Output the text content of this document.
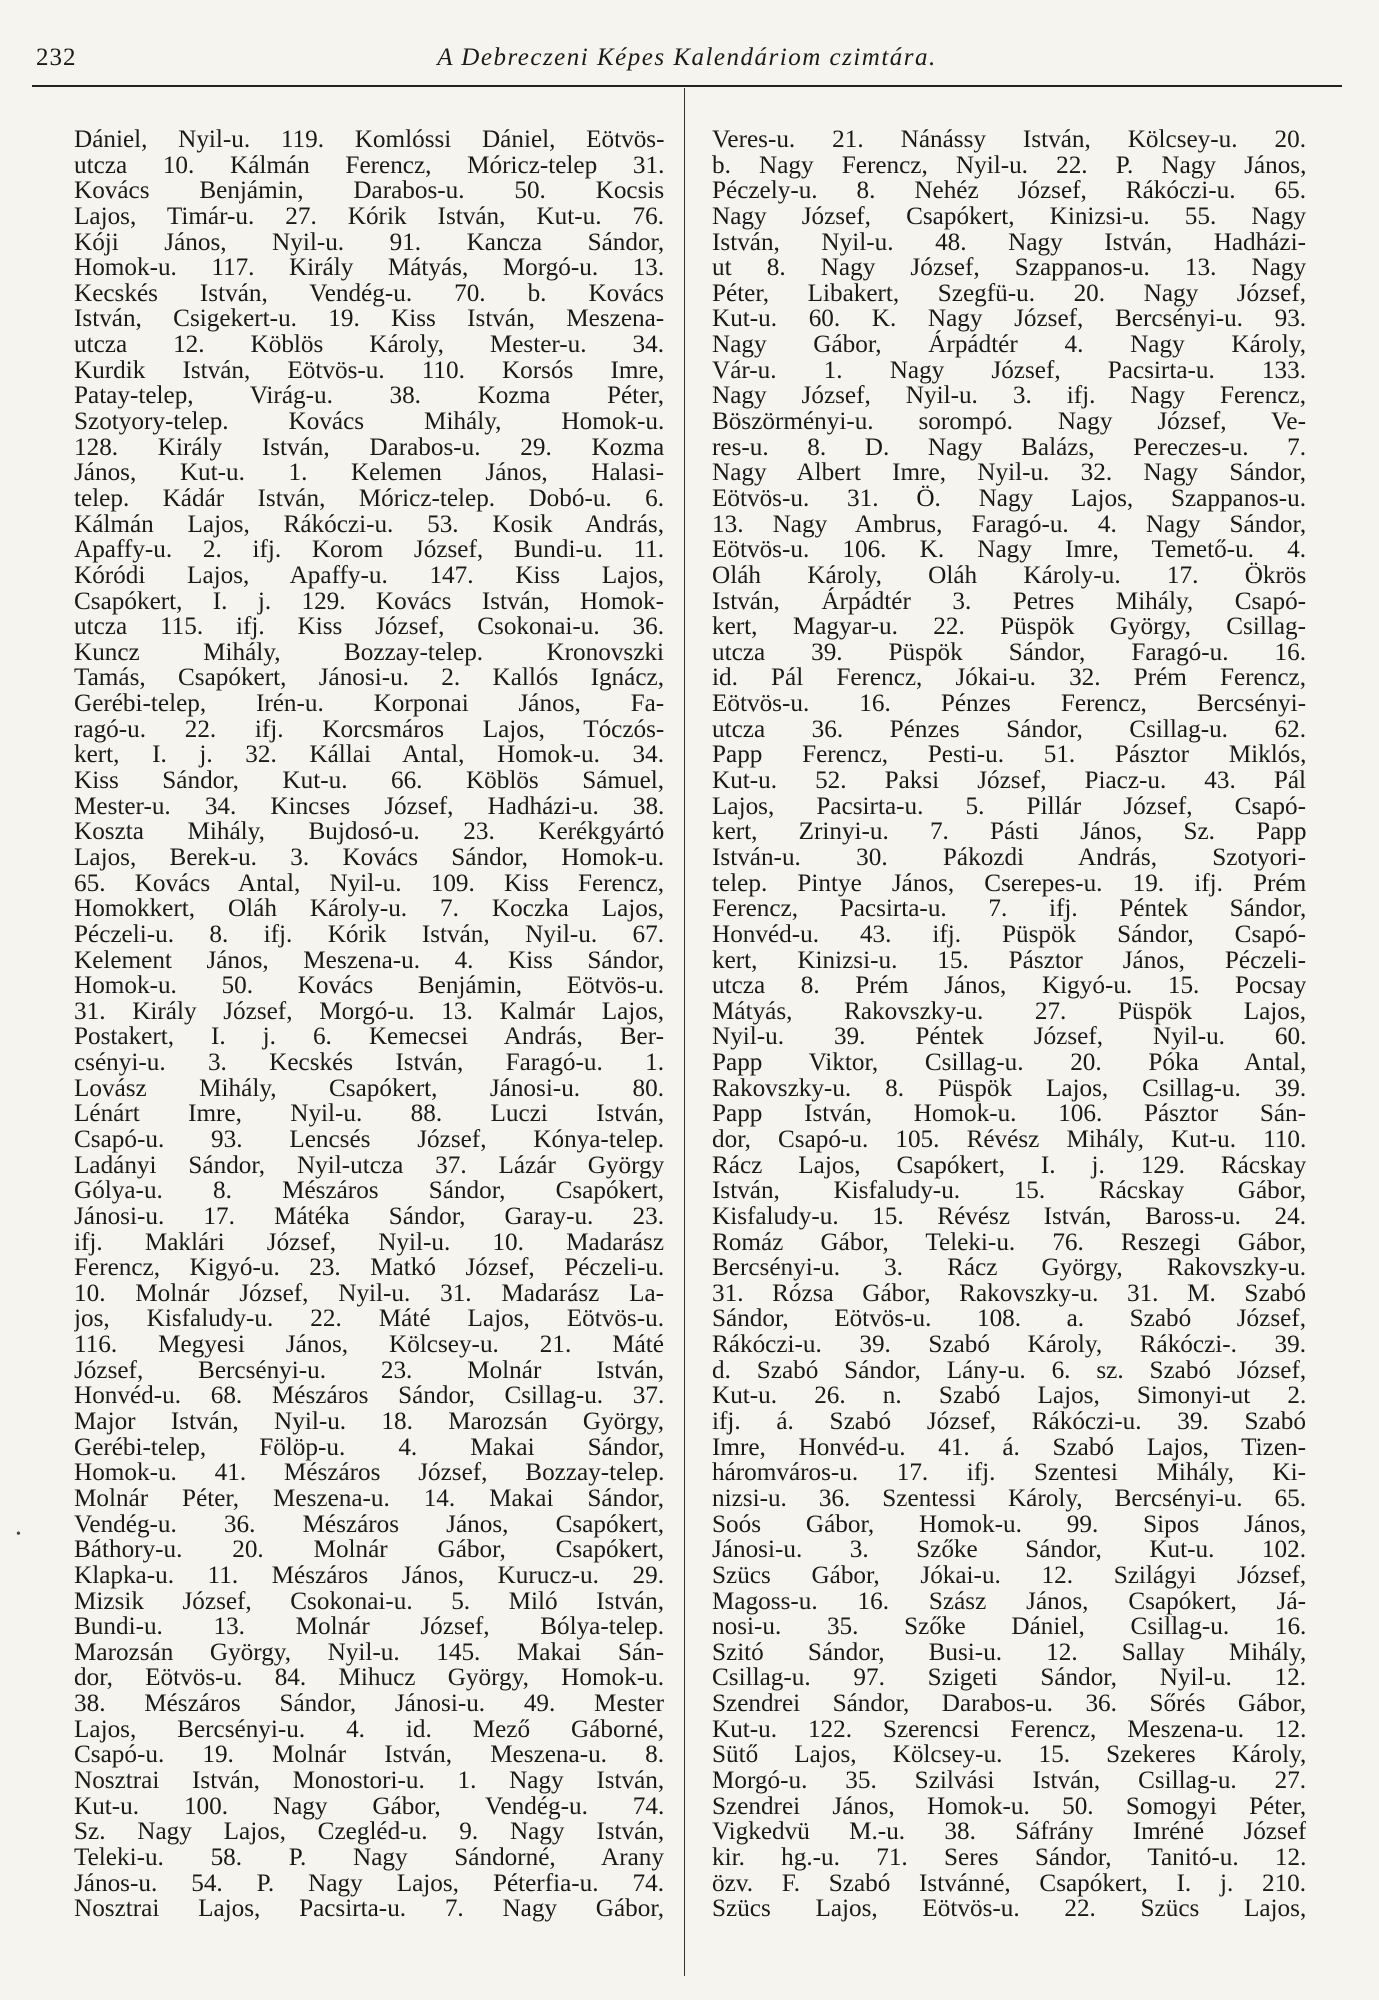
232	A Debreczeni Képes Kalendáriom czimtára.
Dániel, Nyil-u. 119. Komlóssi Dániel, Eötvös-
utcza 10. Kálmán Ferencz, Móricz-telep 31.
Kovács Benjámin, Darabos-u. 50. Kocsis
Lajos, Timár-u. 27. Kórik István, Kut-u. 76.
Kóji János, Nyil-u. 91. Kancza Sándor,
Homok-u. 117. Király Mátyás, Morgó-u. 13.
Kecskés István, Vendég-u. 70. b. Kovács
István, Csigekert-u. 19. Kiss István, Meszena-
utcza 12. Köblös Károly, Mester-u. 34.
Kurdik István, Eötvös-u. 110. Korsós Imre,
Patay-telep, Virág-u. 38. Kozma Péter,
Szotyory-telep. Kovács Mihály, Homok-u.
128. Király István, Darabos-u. 29. Kozma
János, Kut-u. 1. Kelemen János, Halasi-
telep. Kádár István, Móricz-telep. Dobó-u. 6.
Kálmán Lajos, Rákóczi-u. 53. Kosik András,
Apaffy-u. 2. ifj. Korom József, Bundi-u. 11.
Kóródi Lajos, Apaffy-u. 147. Kiss Lajos,
Csapókert, I. j. 129. Kovács István, Homok-
utcza 115. ifj. Kiss József, Csokonai-u. 36.
Kuncz Mihály, Bozzay-telep. Kronovszki
Tamás, Csapókert, Jánosi-u. 2. Kallós Ignácz,
Gerébi-telep, Irén-u. Korponai János, Fa-
ragó-u. 22. ifj. Korcsmáros Lajos, Tóczós-
kert, I. j. 32. Kállai Antal, Homok-u. 34.
Kiss Sándor, Kut-u. 66. Köblös Sámuel,
Mester-u. 34. Kincses József, Hadházi-u. 38.
Koszta Mihály, Bujdosó-u. 23. Kerékgyártó
Lajos, Berek-u. 3. Kovács Sándor, Homok-u.
65. Kovács Antal, Nyil-u. 109. Kiss Ferencz,
Homokkert, Oláh Károly-u. 7. Koczka Lajos,
Péczeli-u. 8. ifj. Kórik István, Nyil-u. 67.
Kelement János, Meszena-u. 4. Kiss Sándor,
Homok-u. 50. Kovács Benjámin, Eötvös-u.
31. Király József, Morgó-u. 13. Kalmár Lajos,
Postakert, I. j. 6. Kemecsei András, Ber-
csényi-u. 3. Kecskés István, Faragó-u. 1.
Lovász Mihály, Csapókert, Jánosi-u. 80.
Lénárt Imre, Nyil-u. 88. Luczi István,
Csapó-u. 93. Lencsés József, Kónya-telep.
Ladányi Sándor, Nyil-utcza 37. Lázár György
Gólya-u. 8. Mészáros Sándor, Csapókert,
Jánosi-u. 17. Mátéka Sándor, Garay-u. 23.
ifj. Maklári József, Nyil-u. 10. Madarász
Ferencz, Kigyó-u. 23. Matkó József, Péczeli-u.
10. Molnár József, Nyil-u. 31. Madarász La-
jos, Kisfaludy-u. 22. Máté Lajos, Eötvös-u.
116. Megyesi János, Kölcsey-u. 21. Máté
József, Bercsényi-u. 23. Molnár István,
Honvéd-u. 68. Mészáros Sándor, Csillag-u. 37.
Major István, Nyil-u. 18. Marozsán György,
Gerébi-telep, Fölöp-u. 4. Makai Sándor,
Homok-u. 41. Mészáros József, Bozzay-telep.
Molnár Péter, Meszena-u. 14. Makai Sándor,
Vendég-u. 36. Mészáros János, Csapókert,
Báthory-u. 20. Molnár Gábor, Csapókert,
Klapka-u. 11. Mészáros János, Kurucz-u. 29.
Mizsik József, Csokonai-u. 5. Miló István,
Bundi-u. 13. Molnár József, Bólya-telep.
Marozsán György, Nyil-u. 145. Makai Sán-
dor, Eötvös-u. 84. Mihucz György, Homok-u.
38. Mészáros Sándor, Jánosi-u. 49. Mester
Lajos, Bercsényi-u. 4. id. Mező Gáborné,
Csapó-u. 19. Molnár István, Meszena-u. 8.
Nosztrai István, Monostori-u. 1. Nagy István,
Kut-u. 100. Nagy Gábor, Vendég-u. 74.
Sz. Nagy Lajos, Czegléd-u. 9. Nagy István,
Teleki-u. 58. P. Nagy Sándorné, Arany
János-u. 54. P. Nagy Lajos, Péterfia-u. 74.
Nosztrai Lajos, Pacsirta-u. 7. Nagy Gábor,
Veres-u. 21. Nánássy István, Kölcsey-u. 20.
b. Nagy Ferencz, Nyil-u. 22. P. Nagy János,
Péczely-u. 8. Nehéz József, Rákóczi-u. 65.
Nagy József, Csapókert, Kinizsi-u. 55. Nagy
István, Nyil-u. 48. Nagy István, Hadházi-
ut 8. Nagy József, Szappanos-u. 13. Nagy
Péter, Libakert, Szegfü-u. 20. Nagy József,
Kut-u. 60. K. Nagy József, Bercsényi-u. 93.
Nagy Gábor, Árpádtér 4. Nagy Károly,
Vár-u. 1. Nagy József, Pacsirta-u. 133.
Nagy József, Nyil-u. 3. ifj. Nagy Ferencz,
Böszörményi-u. sorompó. Nagy József, Ve-
res-u. 8. D. Nagy Balázs, Pereczes-u. 7.
Nagy Albert Imre, Nyil-u. 32. Nagy Sándor,
Eötvös-u. 31. Ö. Nagy Lajos, Szappanos-u.
13. Nagy Ambrus, Faragó-u. 4. Nagy Sándor,
Eötvös-u. 106. K. Nagy Imre, Temető-u. 4.
Oláh Károly, Oláh Károly-u. 17. Ökrös
István, Árpádtér 3. Petres Mihály, Csapó-
kert, Magyar-u. 22. Püspök György, Csillag-
utcza 39. Püspök Sándor, Faragó-u. 16.
id. Pál Ferencz, Jókai-u. 32. Prém Ferencz,
Eötvös-u. 16. Pénzes Ferencz, Bercsényi-
utcza 36. Pénzes Sándor, Csillag-u. 62.
Papp Ferencz, Pesti-u. 51. Pásztor Miklós,
Kut-u. 52. Paksi József, Piacz-u. 43. Pál
Lajos, Pacsirta-u. 5. Pillár József, Csapó-
kert, Zrinyi-u. 7. Pásti János, Sz. Papp
István-u. 30. Pákozdi András, Szotyori-
telep. Pintye János, Cserepes-u. 19. ifj. Prém
Ferencz, Pacsirta-u. 7. ifj. Péntek Sándor,
Honvéd-u. 43. ifj. Püspök Sándor, Csapó-
kert, Kinizsi-u. 15. Pásztor János, Péczeli-
utcza 8. Prém János, Kigyó-u. 15. Pocsay
Mátyás, Rakovszky-u. 27. Püspök Lajos,
Nyil-u. 39. Péntek József, Nyil-u. 60.
Papp Viktor, Csillag-u. 20. Póka Antal,
Rakovszky-u. 8. Püspök Lajos, Csillag-u. 39.
Papp István, Homok-u. 106. Pásztor Sán-
dor, Csapó-u. 105. Révész Mihály, Kut-u. 110.
Rácz Lajos, Csapókert, I. j. 129. Rácskay
István, Kisfaludy-u. 15. Rácskay Gábor,
Kisfaludy-u. 15. Révész István, Baross-u. 24.
Romáz Gábor, Teleki-u. 76. Reszegi Gábor,
Bercsényi-u. 3. Rácz György, Rakovszky-u.
31. Rózsa Gábor, Rakovszky-u. 31. M. Szabó
Sándor, Eötvös-u. 108. a. Szabó József,
Rákóczi-u. 39. Szabó Károly, Rákóczi-. 39.
d. Szabó Sándor, Lány-u. 6. sz. Szabó József,
Kut-u. 26. n. Szabó Lajos, Simonyi-ut 2.
ifj. á. Szabó József, Rákóczi-u. 39. Szabó
Imre, Honvéd-u. 41. á. Szabó Lajos, Tizen-
háromváros-u. 17. ifj. Szentesi Mihály, Ki-
nizsi-u. 36. Szentessi Károly, Bercsényi-u. 65.
Soós Gábor, Homok-u. 99. Sipos János,
Jánosi-u. 3. Szőke Sándor, Kut-u. 102.
Szücs Gábor, Jókai-u. 12. Szilágyi József,
Magoss-u. 16. Szász János, Csapókert, Já-
nosi-u. 35. Szőke Dániel, Csillag-u. 16.
Szitó Sándor, Busi-u. 12. Sallay Mihály,
Csillag-u. 97. Szigeti Sándor, Nyil-u. 12.
Szendrei Sándor, Darabos-u. 36. Sőrés Gábor,
Kut-u. 122. Szerencsi Ferencz, Meszena-u. 12.
Sütő Lajos, Kölcsey-u. 15. Szekeres Károly,
Morgó-u. 35. Szilvási István, Csillag-u. 27.
Szendrei János, Homok-u. 50. Somogyi Péter,
Vigkedvü M.-u. 38. Sáfrány Imréné József
kir. hg.-u. 71. Seres Sándor, Tanitó-u. 12.
özv. F. Szabó Istvánné, Csapókert, I. j. 210.
Szücs Lajos, Eötvös-u. 22. Szücs Lajos,
•
